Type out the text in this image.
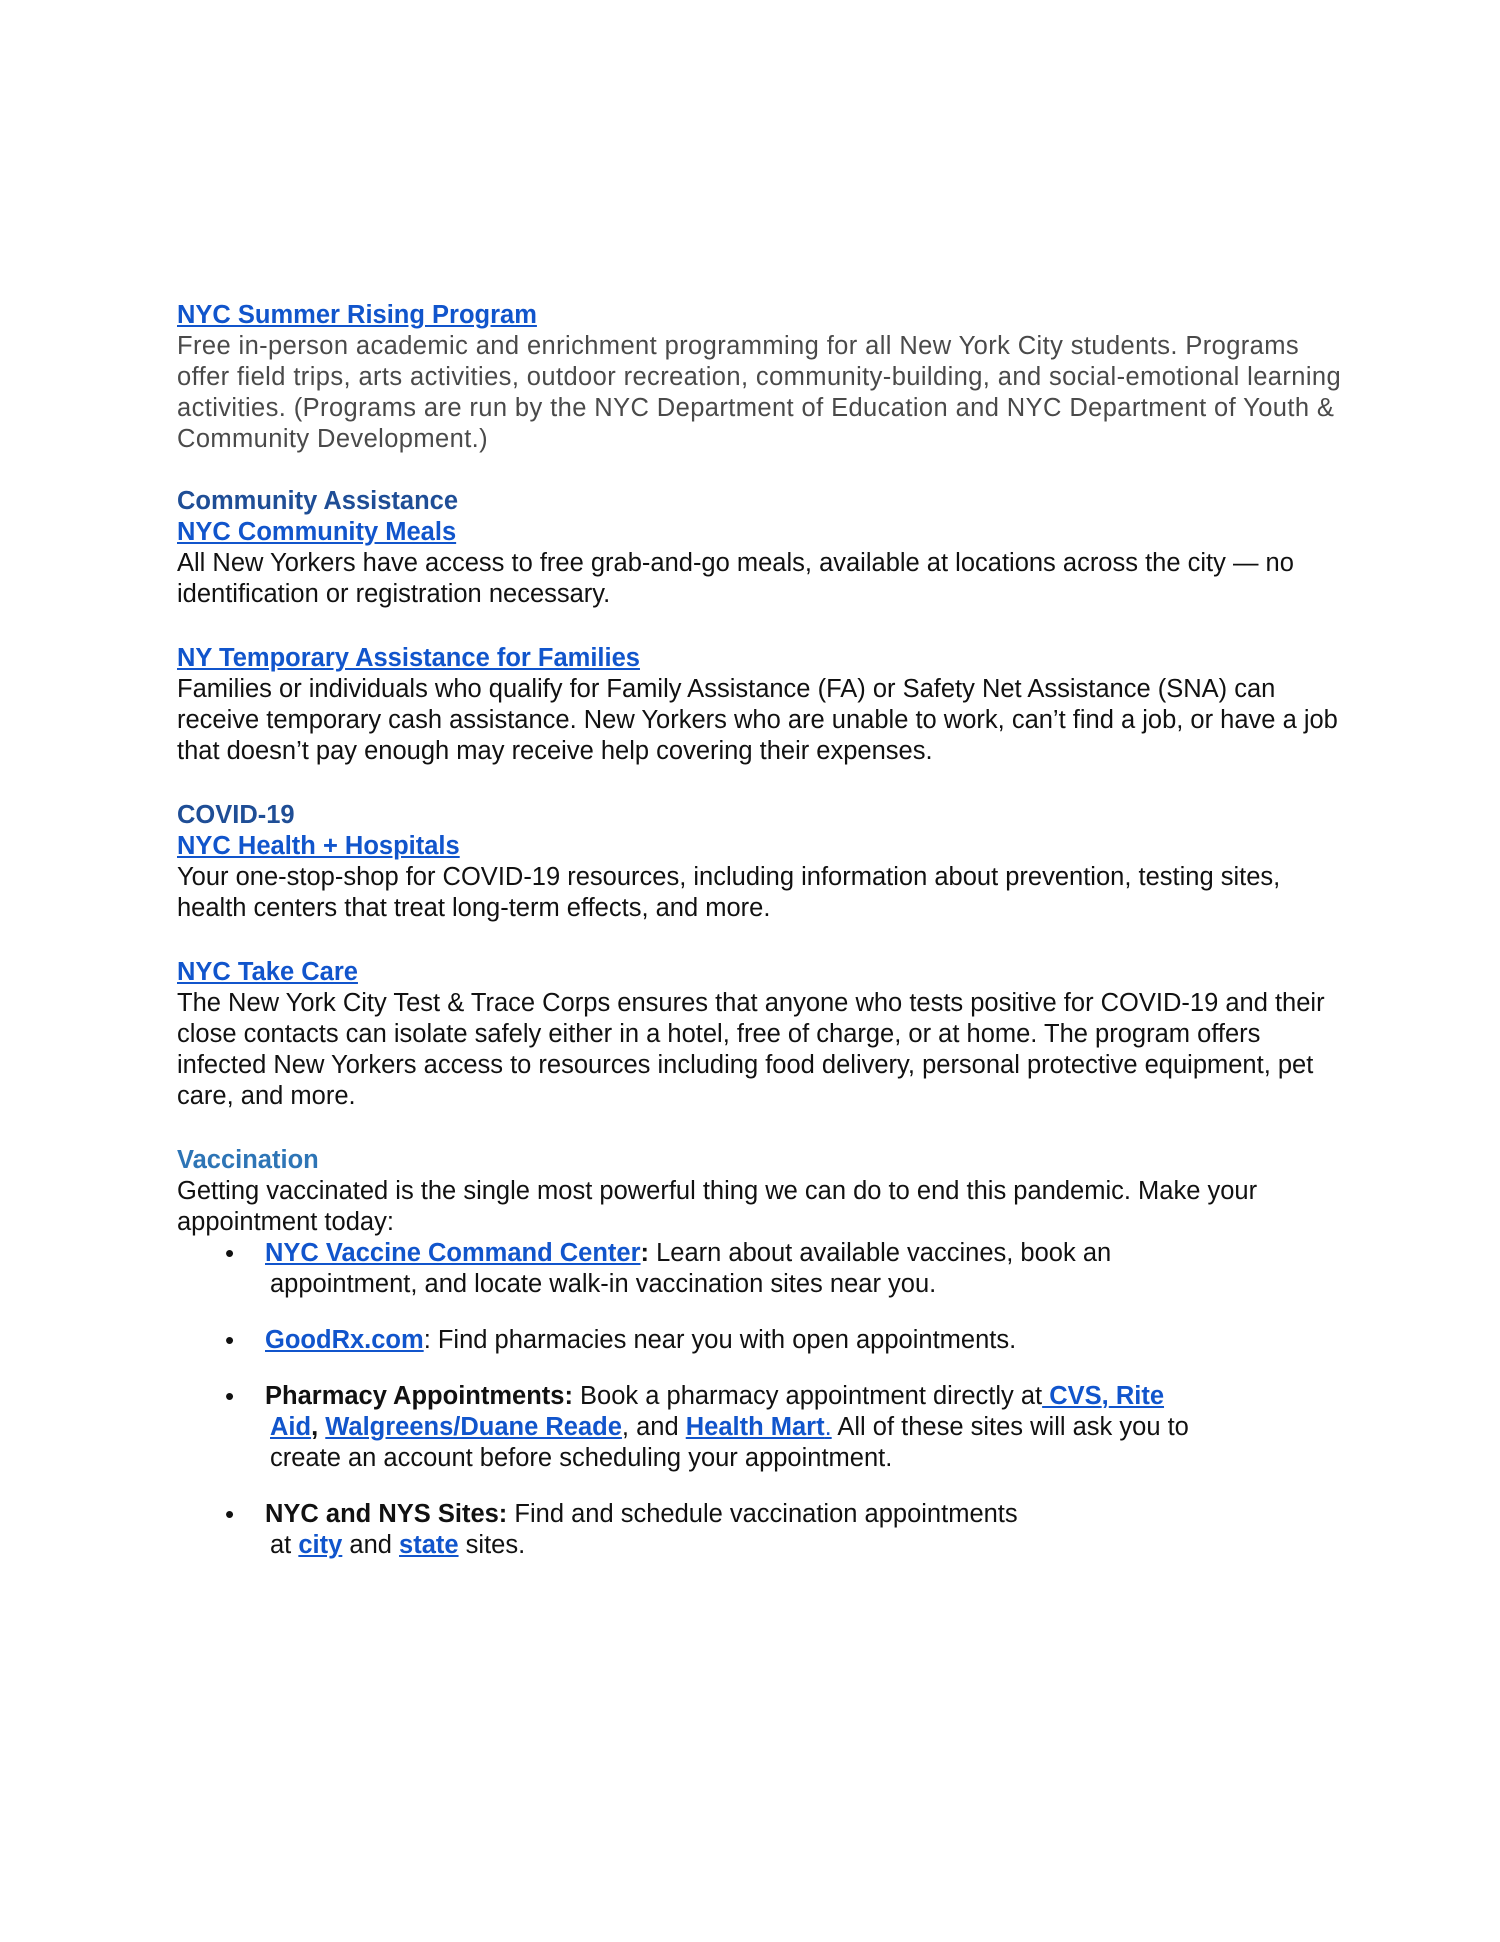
NYC Summer Rising Program
Free in-person academic and enrichment programming for all New York City students. Programs offer field trips, arts activities, outdoor recreation, community-building, and social-emotional learning activities. (Programs are run by the NYC Department of Education and NYC Department of Youth & Community Development.)
Community Assistance
NYC Community Meals
All New Yorkers have access to free grab-and-go meals, available at locations across the city — no identification or registration necessary.
NY Temporary Assistance for Families
Families or individuals who qualify for Family Assistance (FA) or Safety Net Assistance (SNA) can receive temporary cash assistance. New Yorkers who are unable to work, can’t find a job, or have a job that doesn’t pay enough may receive help covering their expenses.
COVID-19
NYC Health + Hospitals
Your one-stop-shop for COVID-19 resources, including information about prevention, testing sites, health centers that treat long-term effects, and more.
NYC Take Care
The New York City Test & Trace Corps ensures that anyone who tests positive for COVID-19 and their close contacts can isolate safely either in a hotel, free of charge, or at home. The program offers infected New Yorkers access to resources including food delivery, personal protective equipment, pet care, and more.
Vaccination
Getting vaccinated is the single most powerful thing we can do to end this pandemic. Make your appointment today:
• NYC Vaccine Command Center: Learn about available vaccines, book an
appointment, and locate walk-in vaccination sites near you.
• GoodRx.com: Find pharmacies near you with open appointments.
• Pharmacy Appointments: Book a pharmacy appointment directly at CVS, Rite
Aid, Walgreens/Duane Reade, and Health Mart. All of these sites will ask you to
create an account before scheduling your appointment.
• NYC and NYS Sites: Find and schedule vaccination appointments
at city and state sites.
